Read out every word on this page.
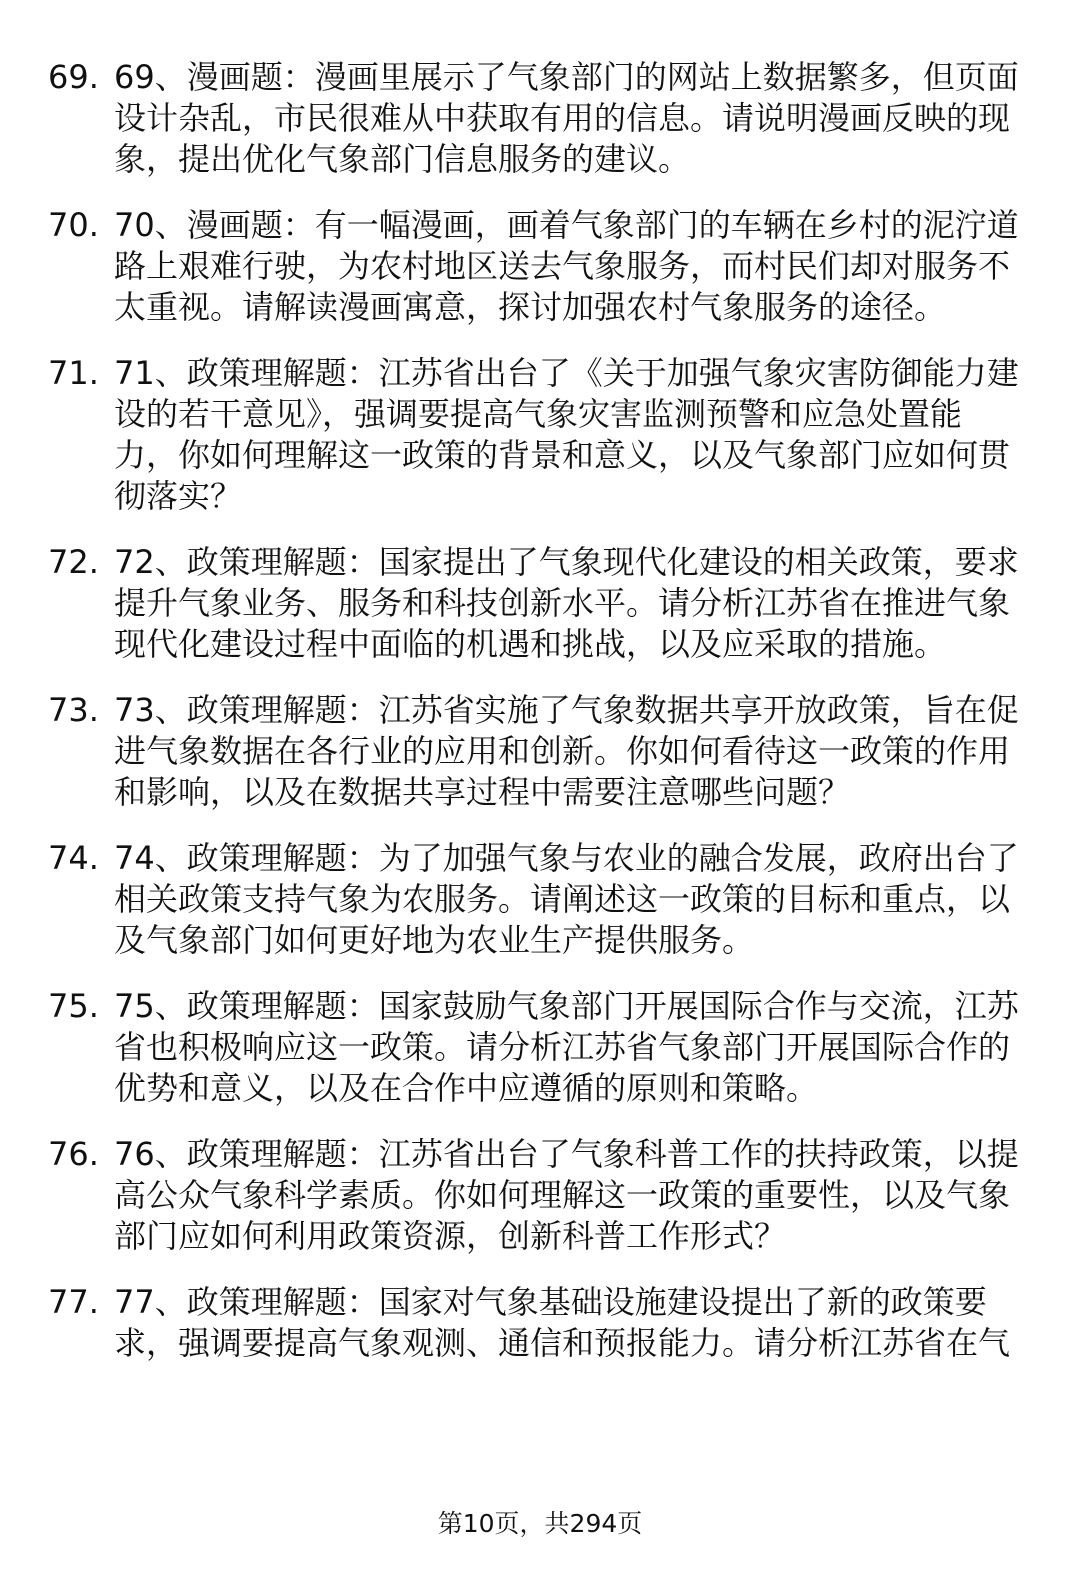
69. 69、漫画题：漫画里展示了气象部门的网站上数据繁多，但页面
设计杂乱，市民很难从中获取有用的信息。请说明漫画反映的现
象，提出优化气象部门信息服务的建议。
70. 70、漫画题：有一幅漫画，画着气象部门的车辆在乡村的泥泞道
路上艰难行驶，为农村地区送去气象服务，而村民们却对服务不
太重视。请解读漫画寓意，探讨加强农村气象服务的途径。
71. 71、政策理解题：江苏省出台了《关于加强气象灾害防御能力建
设的若干意见》，强调要提高气象灾害监测预警和应急处置能
力，你如何理解这一政策的背景和意义，以及气象部门应如何贯
彻落实？
72. 72、政策理解题：国家提出了气象现代化建设的相关政策，要求
提升气象业务、服务和科技创新水平。请分析江苏省在推进气象
现代化建设过程中面临的机遇和挑战，以及应采取的措施。
73. 73、政策理解题：江苏省实施了气象数据共享开放政策，旨在促
进气象数据在各行业的应用和创新。你如何看待这一政策的作用
和影响，以及在数据共享过程中需要注意哪些问题？
74. 74、政策理解题：为了加强气象与农业的融合发展，政府出台了
相关政策支持气象为农服务。请阐述这一政策的目标和重点，以
及气象部门如何更好地为农业生产提供服务。
75. 75、政策理解题：国家鼓励气象部门开展国际合作与交流，江苏
省也积极响应这一政策。请分析江苏省气象部门开展国际合作的
优势和意义，以及在合作中应遵循的原则和策略。
76. 76、政策理解题：江苏省出台了气象科普工作的扶持政策，以提
高公众气象科学素质。你如何理解这一政策的重要性，以及气象
部门应如何利用政策资源，创新科普工作形式？
77. 77、政策理解题：国家对气象基础设施建设提出了新的政策要
求，强调要提高气象观测、通信和预报能力。请分析江苏省在气
第10页，共294页
